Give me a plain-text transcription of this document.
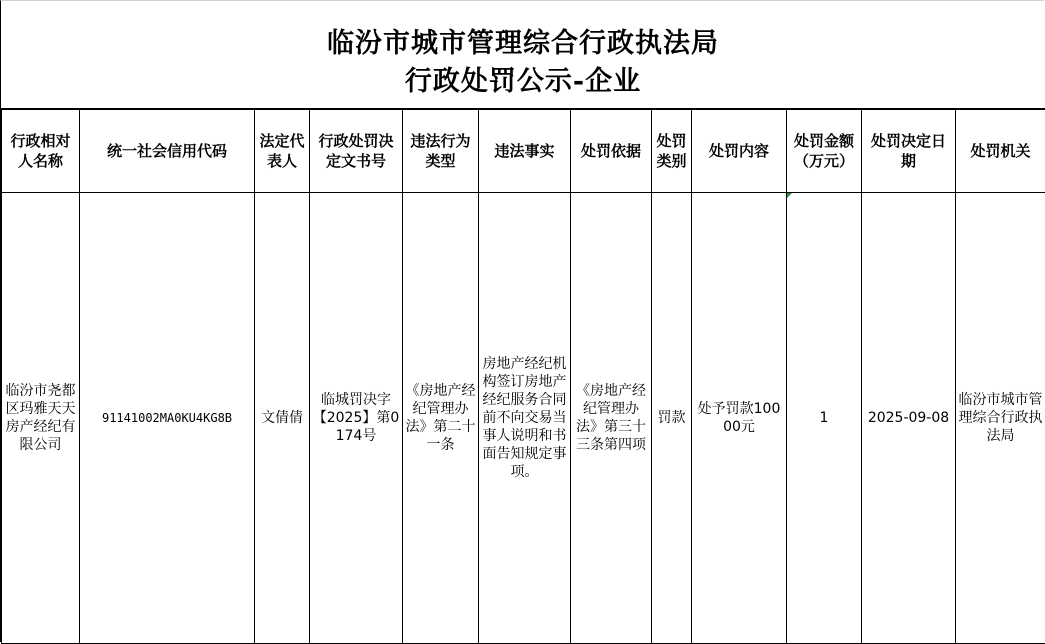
临汾市城市管理综合行政执法局
行政处罚公示-企业
行政相对人名称	统一社会信用代码	法定代表人	行政处罚决定文书号	违法行为类型	违法事实	处罚依据	处罚类别	处罚内容	处罚金额（万元）	处罚决定日期	处罚机关
临汾市尧都区玛雅天天房产经纪有限公司	91141002MA0KU4KG8B	文倩倩	临城罚决字【2025】第0174号	《房地产经纪管理办法》第二十一条	房地产经纪机构签订房地产经纪服务合同前不向交易当事人说明和书面告知规定事项。	《房地产经纪管理办法》第三十三条第四项	罚款	处予罚款10000元	1	2025-09-08	临汾市城市管理综合行政执法局
